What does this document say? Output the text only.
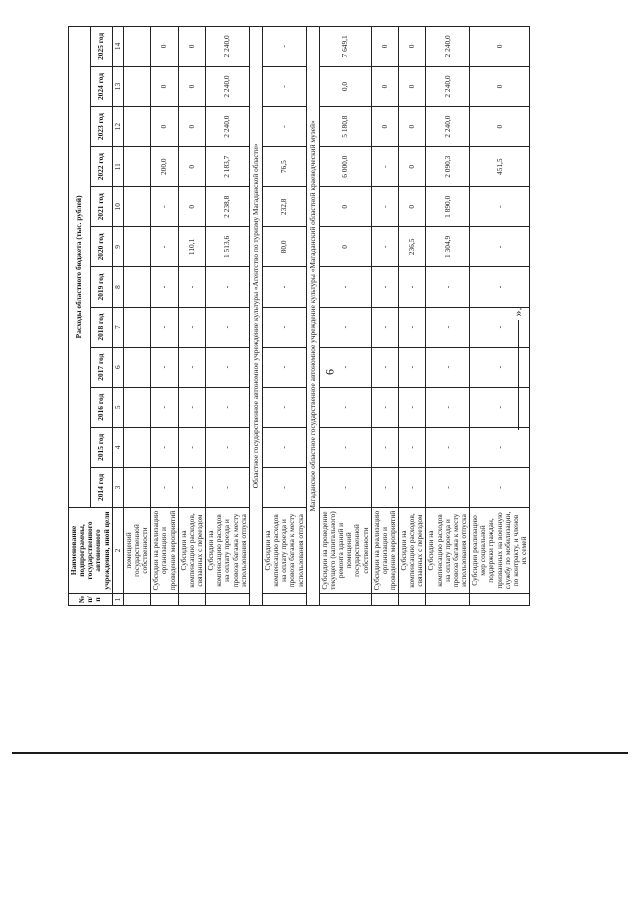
6
».
№ п/п	Наименование подпрограммы, государственного автономного учреждения, иной цели	Расходы областного бюджета (тыс. рублей)											
		2014 год	2015 год	2016 год	2017 год	2018 год	2019 год	2020 год	2021 год	2022 год	2023 год	2024 год	2025 год
1	2	3	4	5	6	7	8	9	10	11	12	13	14
	помещений государственной собственности												
	Субсидии на реализацию организацию и проведение мероприятий	-	-	-	-	-	-	-	-	200,0	0	0	0
	Субсидии на компенсацию расходов, связанных с переездом	-	-	-	-	-	-	110,1	0	0	0	0	0
	Субсидии на компенсацию расходов на оплату проезда и провоза багажа к месту использования отпуска	-	-	-	-	-	-	1 513,6	2 238,8	2 183,7	2 240,0	2 240,0	2 240,0
Областное государственное автономное учреждение культуры «Агентство по туризму Магаданской области»													
	Субсидии на компенсацию расходов на оплату проезда и провоза багажа к месту использования отпуска	-	-	-	-	-	-	80,0	232,8	76,5	-	-	-
Магаданское областное государственное автономное учреждение культуры «Магаданский областной краеведческий музей»													
	Субсидии на проведение текущего (капитального) ремонта зданий и помещений государственной собственности	-	-	-	-	-	-	0	0	6 000,0	5 180,8	0,0	7 649,1
	Субсидии на реализацию организацию и проведение мероприятий	-	-	-	-	-	-	-	-	-	0	0	0
	Субсидии на компенсацию расходов, связанных с переездом	-	-	-	-	-	-	236,5	0	0	0	0	0
	Субсидии на компенсацию расходов на оплату проезда и провоза багажа к месту использования отпуска	-	-	-	-	-	-	1 304,9	1 890,0	2 090,3	2 240,0	2 240,0	2 240,0
	Субсидии реализацию мер социальной поддержки граждан, призванных на военную службу по мобилизации, по контракту, и членов их семей	-	-	-	-	-	-	-	-	451,5	0	0	0
